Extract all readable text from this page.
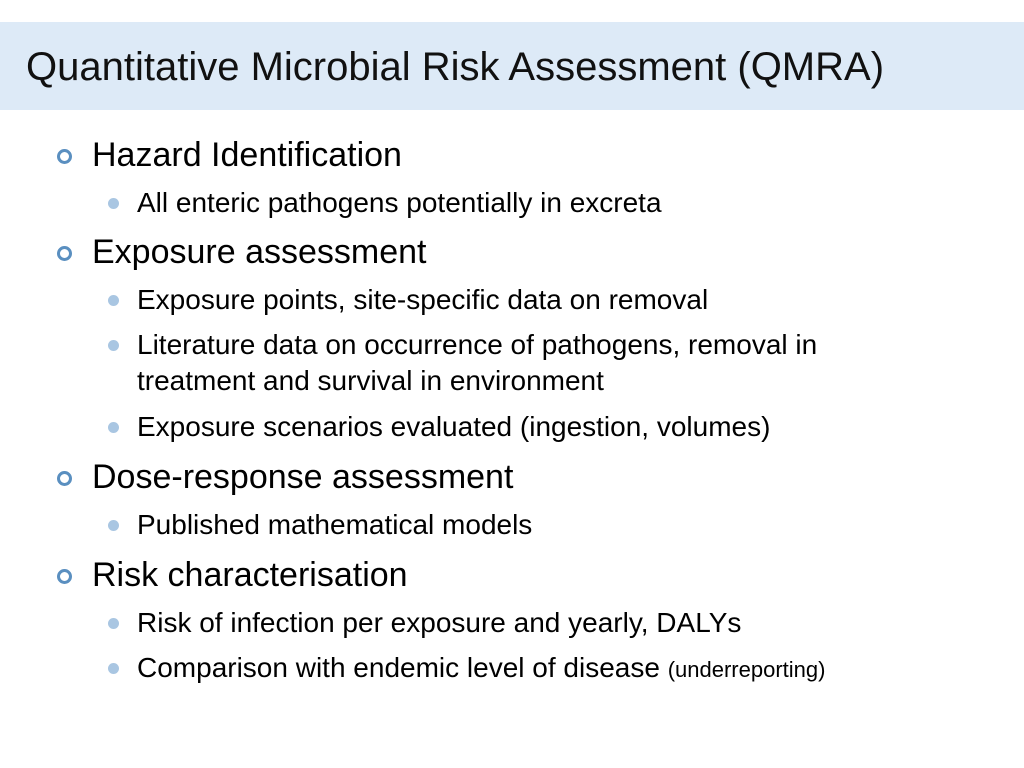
Quantitative Microbial Risk Assessment (QMRA)

Hazard Identification

All enteric pathogens potentially in excreta

Exposure assessment

Exposure points, site-specific data on removal

Literature data on occurrence of pathogens, removal in

treatment and survival in environment

Exposure scenarios evaluated (ingestion, volumes)

Dose-response assessment

Published mathematical models

Risk characterisation

Risk of infection per exposure and yearly, DALYs

Comparison with endemic level of disease (underreporting)
